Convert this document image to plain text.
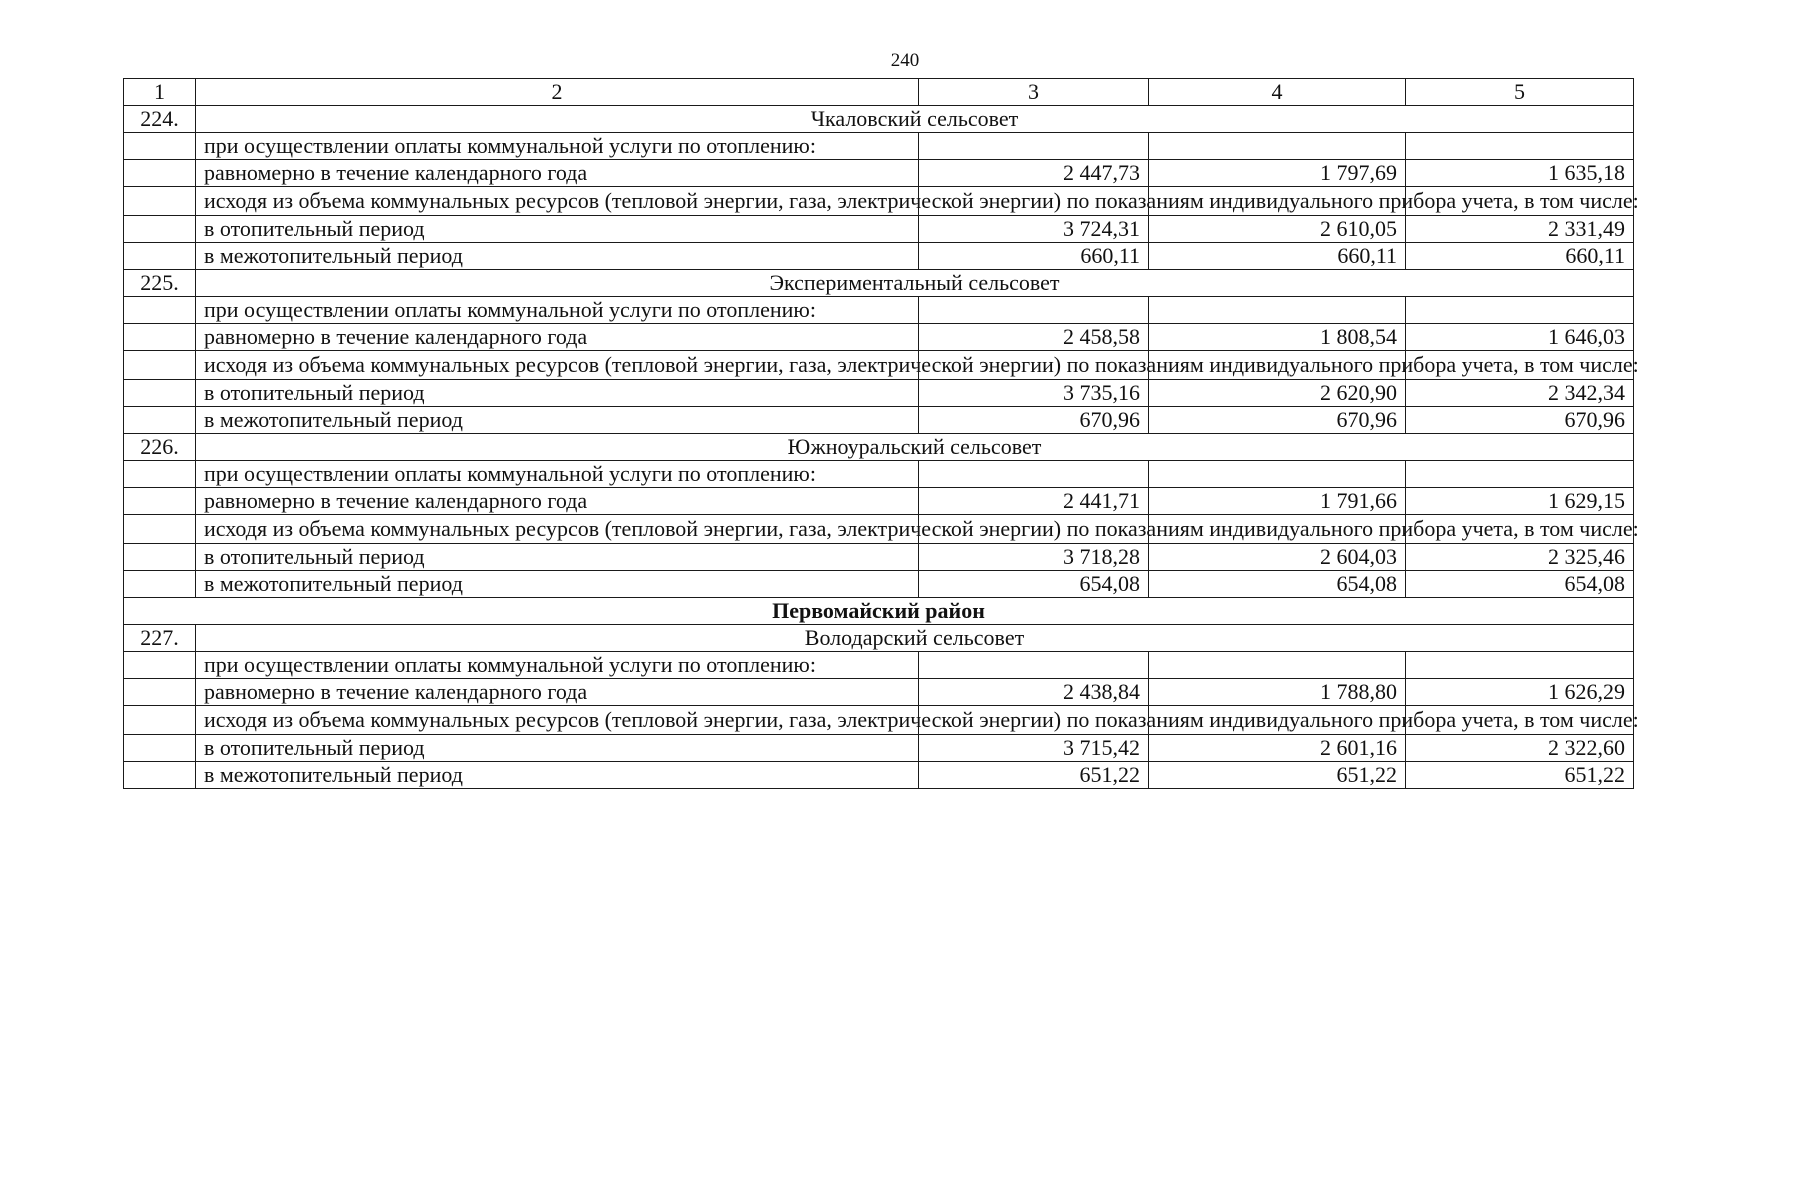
240
1	2	3	4	5
224.	Чкаловский сельсовет			
	при осуществлении оплаты коммунальной услуги по отоплению:			
	равномерно в течение календарного года	2 447,73	1 797,69	1 635,18
	исходя из объема коммунальных ресурсов (тепловой энергии, газа, электрической энергии) по показаниям индивидуального прибора учета, в том числе:			
	в отопительный период	3 724,31	2 610,05	2 331,49
	в межотопительный период	660,11	660,11	660,11
225.	Экспериментальный сельсовет			
	при осуществлении оплаты коммунальной услуги по отоплению:			
	равномерно в течение календарного года	2 458,58	1 808,54	1 646,03
	исходя из объема коммунальных ресурсов (тепловой энергии, газа, электрической энергии) по показаниям индивидуального прибора учета, в том числе:			
	в отопительный период	3 735,16	2 620,90	2 342,34
	в межотопительный период	670,96	670,96	670,96
226.	Южноуральский сельсовет			
	при осуществлении оплаты коммунальной услуги по отоплению:			
	равномерно в течение календарного года	2 441,71	1 791,66	1 629,15
	исходя из объема коммунальных ресурсов (тепловой энергии, газа, электрической энергии) по показаниям индивидуального прибора учета, в том числе:			
	в отопительный период	3 718,28	2 604,03	2 325,46
	в межотопительный период	654,08	654,08	654,08
Первомайский район				
227.	Володарский сельсовет			
	при осуществлении оплаты коммунальной услуги по отоплению:			
	равномерно в течение календарного года	2 438,84	1 788,80	1 626,29
	исходя из объема коммунальных ресурсов (тепловой энергии, газа, электрической энергии) по показаниям индивидуального прибора учета, в том числе:			
	в отопительный период	3 715,42	2 601,16	2 322,60
	в межотопительный период	651,22	651,22	651,22
